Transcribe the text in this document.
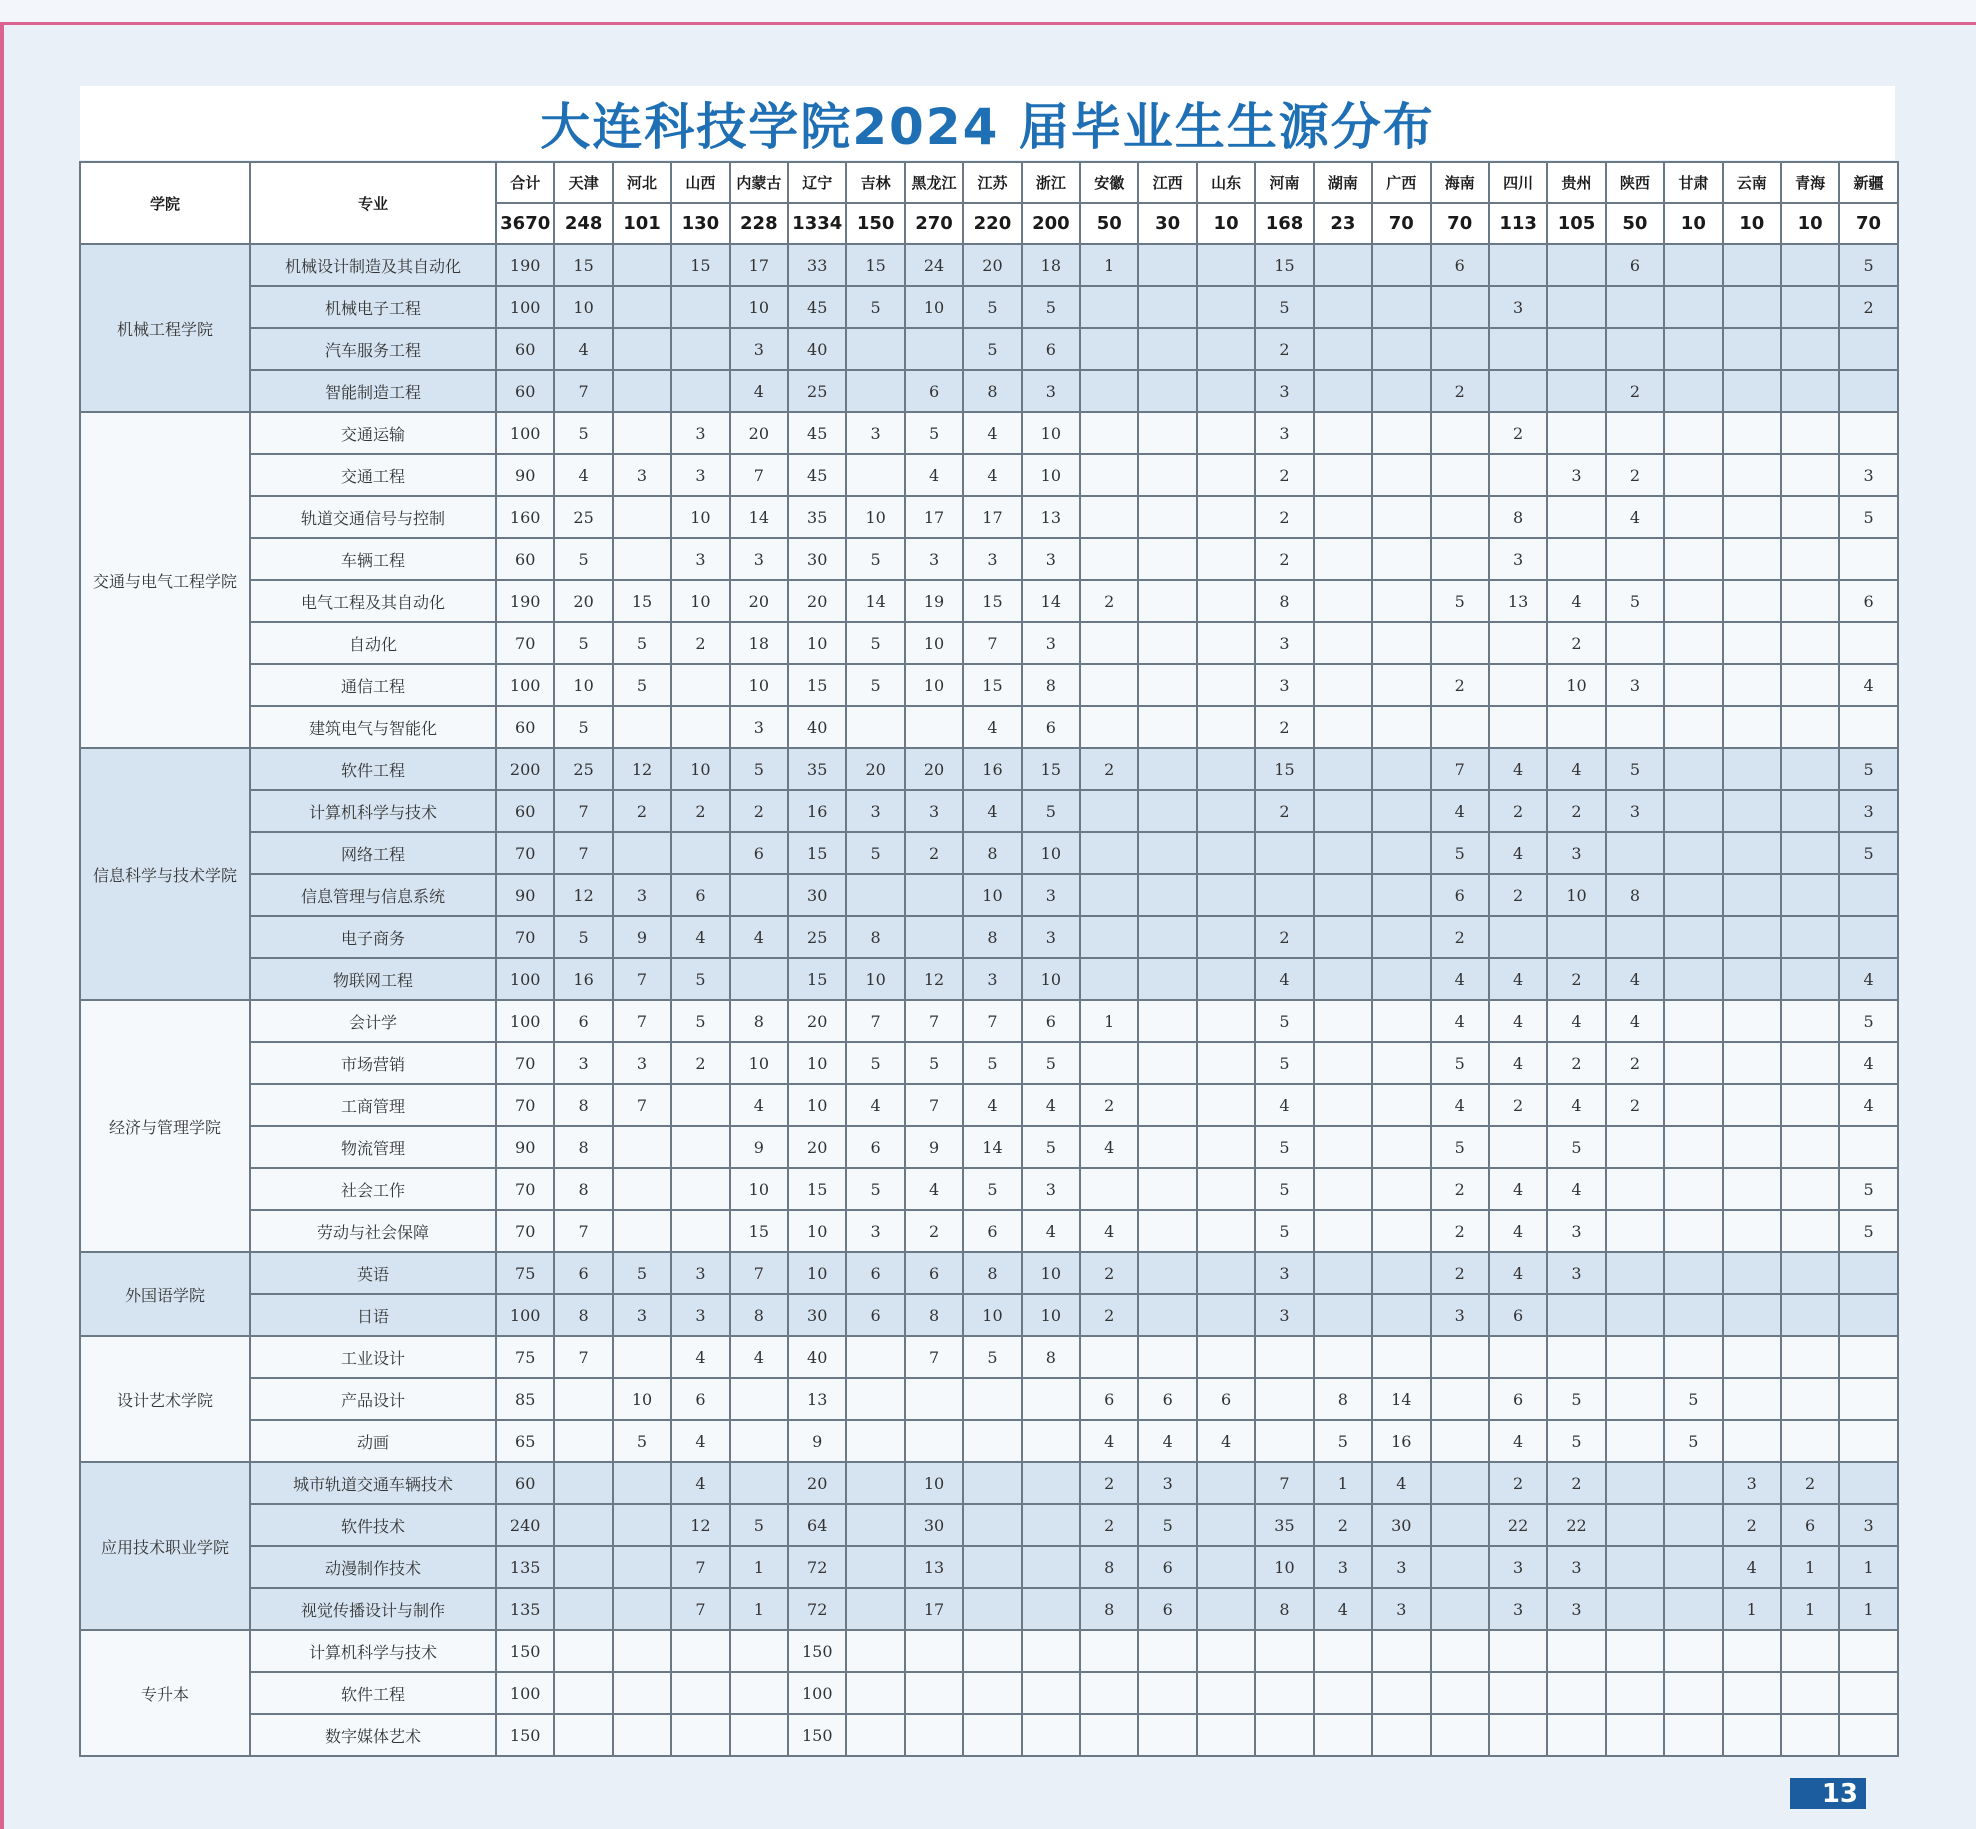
大连科技学院2024 届毕业生生源分布
学院	专业	合计	天津	河北	山西	内蒙古	辽宁	吉林	黑龙江	江苏	浙江	安徽	江西	山东	河南	湖南	广西	海南	四川	贵州	陕西	甘肃	云南	青海	新疆
		3670	248	101	130	228	1334	150	270	220	200	50	30	10	168	23	70	70	113	105	50	10	10	10	70
机械工程学院	机械设计制造及其自动化	190	15		15	17	33	15	24	20	18	1			15			6			6				5
	机械电子工程	100	10			10	45	5	10	5	5				5				3						2
	汽车服务工程	60	4			3	40			5	6				2										
	智能制造工程	60	7			4	25		6	8	3				3			2			2				
交通与电气工程学院	交通运输	100	5		3	20	45	3	5	4	10				3				2						
	交通工程	90	4	3	3	7	45		4	4	10				2					3	2				3
	轨道交通信号与控制	160	25		10	14	35	10	17	17	13				2				8		4				5
	车辆工程	60	5		3	3	30	5	3	3	3				2				3						
	电气工程及其自动化	190	20	15	10	20	20	14	19	15	14	2			8			5	13	4	5				6
	自动化	70	5	5	2	18	10	5	10	7	3				3					2					
	通信工程	100	10	5		10	15	5	10	15	8				3			2		10	3				4
	建筑电气与智能化	60	5			3	40			4	6				2										
信息科学与技术学院	软件工程	200	25	12	10	5	35	20	20	16	15	2			15			7	4	4	5				5
	计算机科学与技术	60	7	2	2	2	16	3	3	4	5				2			4	2	2	3				3
	网络工程	70	7			6	15	5	2	8	10							5	4	3					5
	信息管理与信息系统	90	12	3	6		30			10	3							6	2	10	8				
	电子商务	70	5	9	4	4	25	8		8	3				2			2							
	物联网工程	100	16	7	5		15	10	12	3	10				4			4	4	2	4				4
经济与管理学院	会计学	100	6	7	5	8	20	7	7	7	6	1			5			4	4	4	4				5
	市场营销	70	3	3	2	10	10	5	5	5	5				5			5	4	2	2				4
	工商管理	70	8	7		4	10	4	7	4	4	2			4			4	2	4	2				4
	物流管理	90	8			9	20	6	9	14	5	4			5			5		5					
	社会工作	70	8			10	15	5	4	5	3				5			2	4	4					5
	劳动与社会保障	70	7			15	10	3	2	6	4	4			5			2	4	3					5
外国语学院	英语	75	6	5	3	7	10	6	6	8	10	2			3			2	4	3					
	日语	100	8	3	3	8	30	6	8	10	10	2			3			3	6						
设计艺术学院	工业设计	75	7		4	4	40		7	5	8														
	产品设计	85		10	6		13					6	6	6		8	14		6	5		5			
	动画	65		5	4		9					4	4	4		5	16		4	5		5			
应用技术职业学院	城市轨道交通车辆技术	60			4		20		10			2	3		7	1	4		2	2			3	2	
	软件技术	240			12	5	64		30			2	5		35	2	30		22	22			2	6	3
	动漫制作技术	135			7	1	72		13			8	6		10	3	3		3	3			4	1	1
	视觉传播设计与制作	135			7	1	72		17			8	6		8	4	3		3	3			1	1	1
专升本	计算机科学与技术	150					150																		
	软件工程	100					100																		
	数字媒体艺术	150					150																		
13
